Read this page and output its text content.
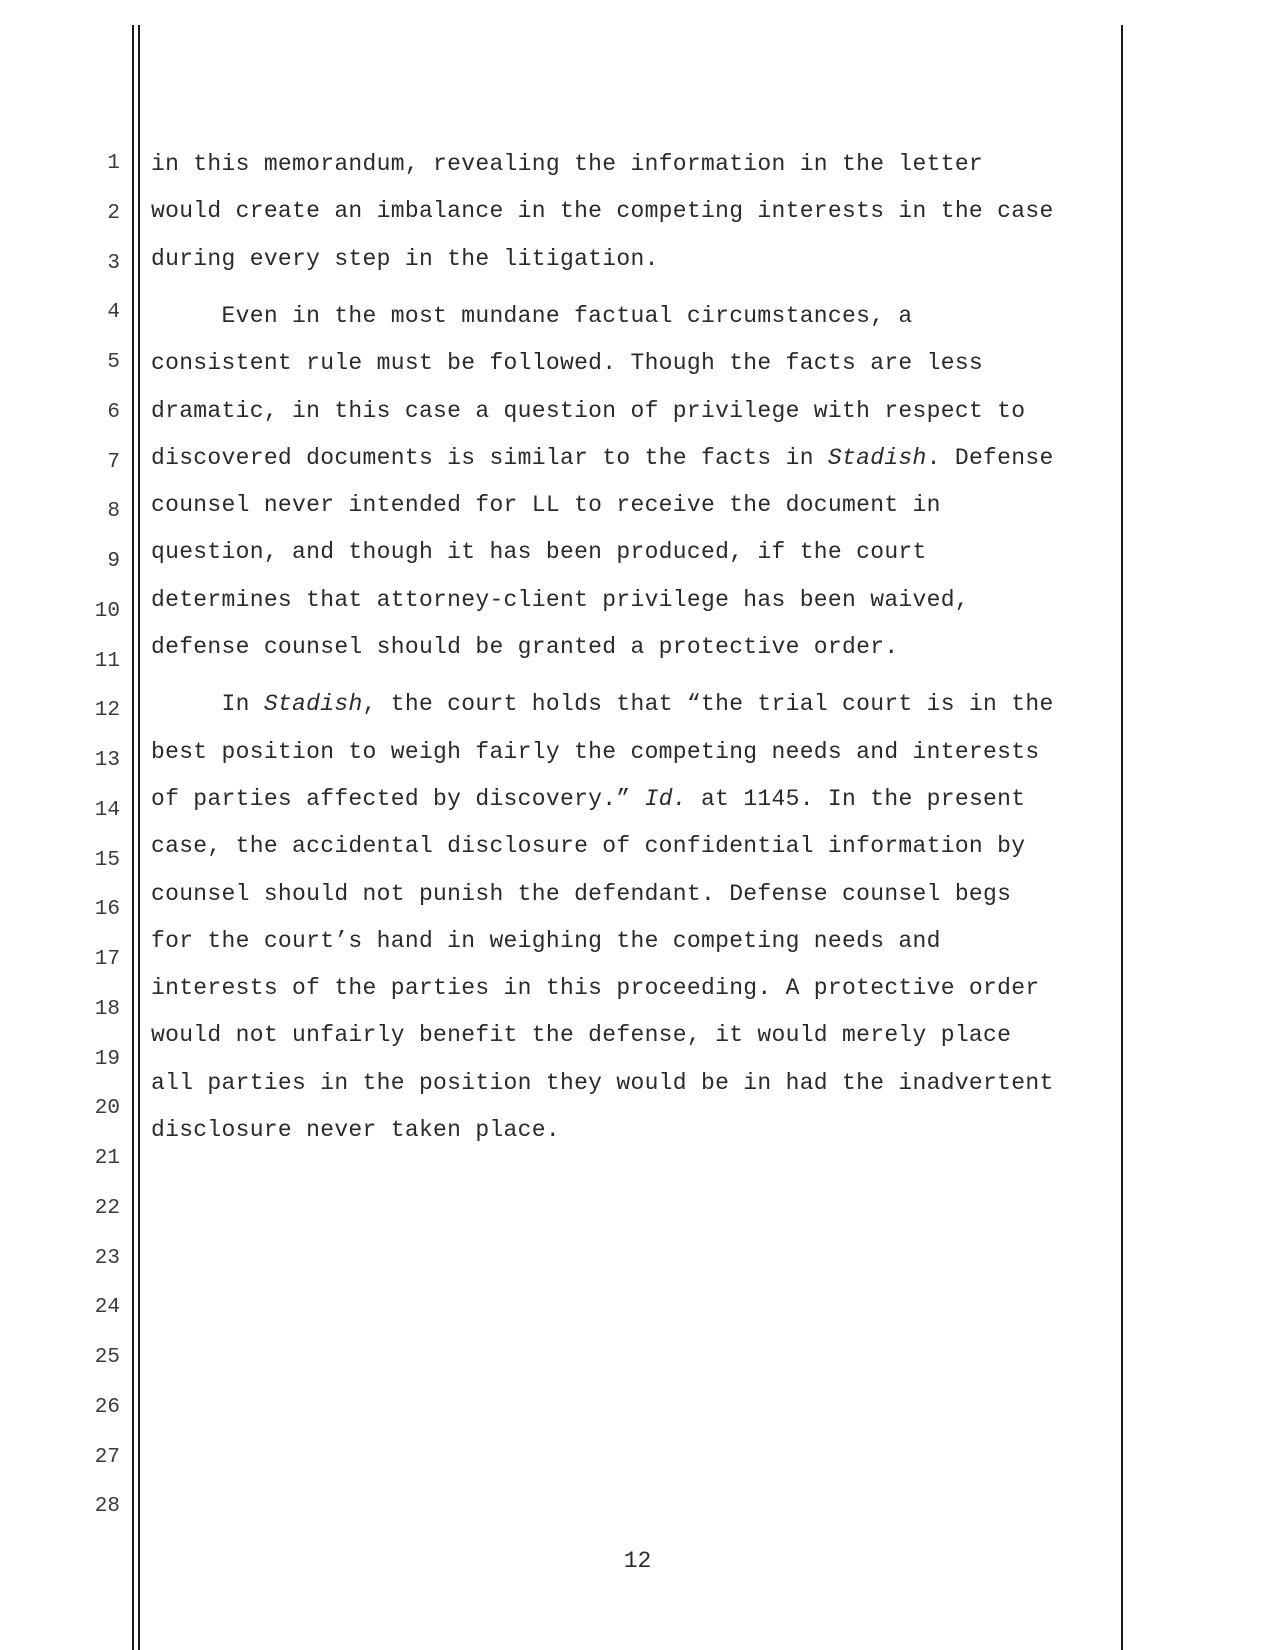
1
2
3
4
5
6
7
8
9
10
11
12
13
14
15
16
17
18
19
20
21
22
23
24
25
26
27
28
in this memorandum, revealing the information in the letter
would create an imbalance in the competing interests in the case
during every step in the litigation.
Even in the most mundane factual circumstances, a
consistent rule must be followed. Though the facts are less
dramatic, in this case a question of privilege with respect to
discovered documents is similar to the facts in Stadish. Defense
counsel never intended for LL to receive the document in
question, and though it has been produced, if the court
determines that attorney-client privilege has been waived,
defense counsel should be granted a protective order.
In Stadish, the court holds that “the trial court is in the
best position to weigh fairly the competing needs and interests
of parties affected by discovery.” Id. at 1145. In the present
case, the accidental disclosure of confidential information by
counsel should not punish the defendant. Defense counsel begs
for the court’s hand in weighing the competing needs and
interests of the parties in this proceeding. A protective order
would not unfairly benefit the defense, it would merely place
all parties in the position they would be in had the inadvertent
disclosure never taken place.
12
